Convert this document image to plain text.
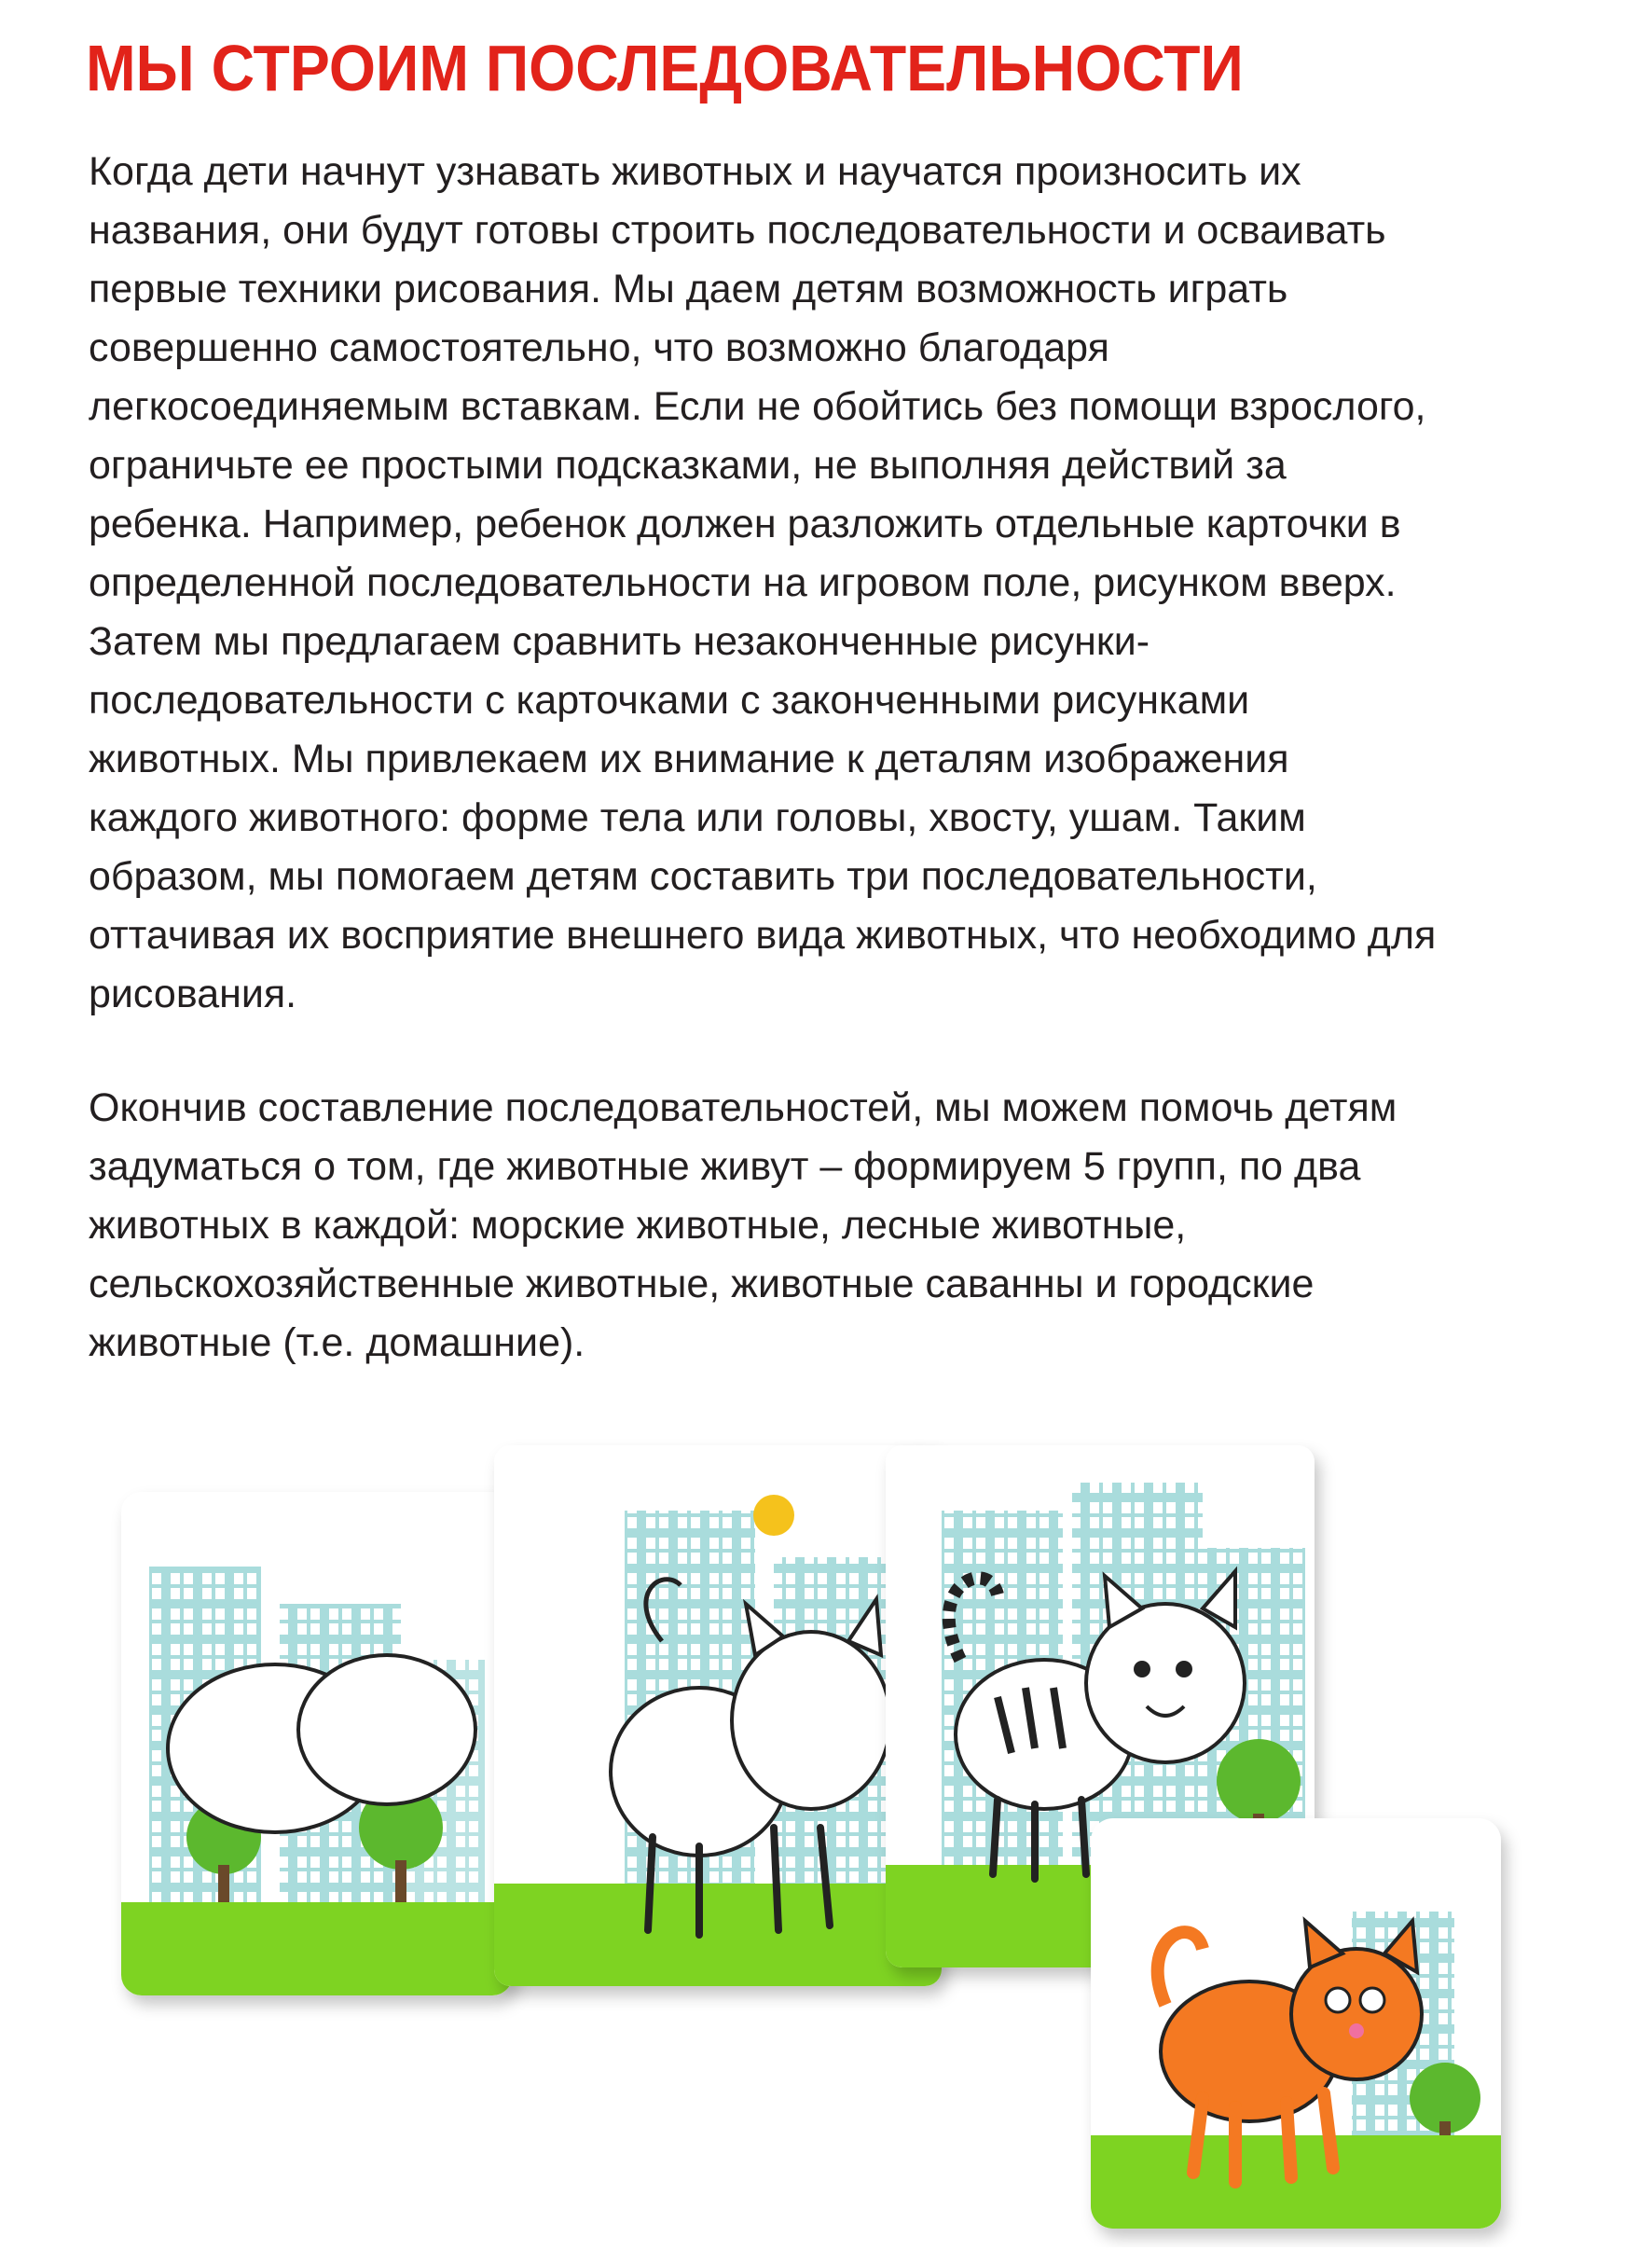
МЫ СТРОИМ ПОСЛЕДОВАТЕЛЬНОСТИ
Когда дети начнут узнавать животных и научатся произносить их
названия, они будут готовы строить последовательности и осваивать
первые техники рисования. Мы даем детям возможность играть
совершенно самостоятельно, что возможно благодаря
легкосоединяемым вставкам. Если не обойтись без помощи взрослого,
ограничьте ее простыми подсказками, не выполняя действий за
ребенка. Например, ребенок должен разложить отдельные карточки в
определенной последовательности на игровом поле, рисунком вверх.
Затем мы предлагаем сравнить незаконченные рисунки-
последовательности с карточками с законченными рисунками
животных. Мы привлекаем их внимание к деталям изображения
каждого животного: форме тела или головы, хвосту, ушам. Таким
образом, мы помогаем детям составить три последовательности,
оттачивая их восприятие внешнего вида животных, что необходимо для
рисования.
Окончив составление последовательностей, мы можем помочь детям
задуматься о том, где животные живут – формируем 5 групп, по два
животных в каждой: морские животные, лесные животные,
сельскохозяйственные животные, животные саванны и городские
животные (т.е. домашние).
